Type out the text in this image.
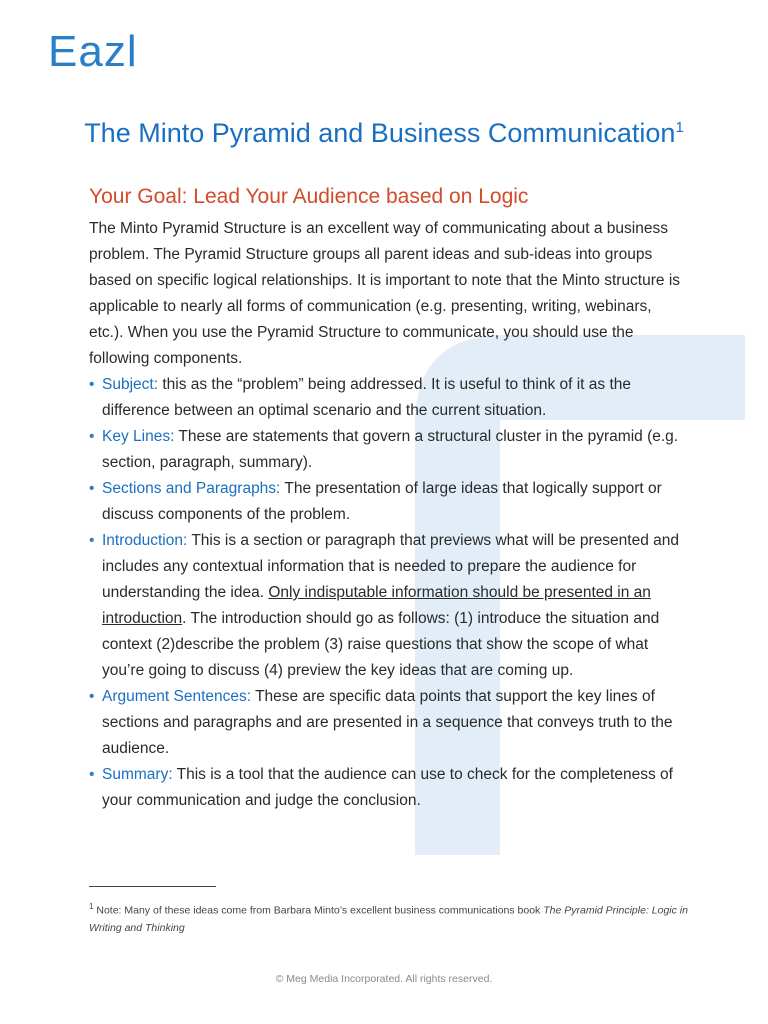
Eazl
The Minto Pyramid and Business Communication$^1$
Your Goal: Lead Your Audience based on Logic

The Minto Pyramid Structure is an excellent way of communicating about a business problem. The Pyramid Structure groups all parent ideas and sub-ideas into groups based on specific logical relationships. It is important to note that the Minto structure is applicable to nearly all forms of communication (e.g. presenting, writing, webinars, etc.). When you use the Pyramid Structure to communicate, you should use the following components.

• Subject: this as the “problem” being addressed. It is useful to think of it as the difference between an optimal scenario and the current situation.
• Key Lines: These are statements that govern a structural cluster in the pyramid (e.g. section, paragraph, summary).
• Sections and Paragraphs: The presentation of large ideas that logically support or discuss components of the problem.
• Introduction: This is a section or paragraph that previews what will be presented and includes any contextual information that is needed to prepare the audience for understanding the idea. Only indisputable information should be presented in an introduction. The introduction should go as follows: (1) introduce the situation and context (2)describe the problem (3) raise questions that show the scope of what you’re going to discuss (4) preview the key ideas that are coming up.
• Argument Sentences: These are specific data points that support the key lines of sections and paragraphs and are presented in a sequence that conveys truth to the audience.
• Summary: This is a tool that the audience can use to check for the completeness of your communication and judge the conclusion.
$^1$ Note: Many of these ideas come from Barbara Minto’s excellent business communications book The Pyramid Principle: Logic in Writing and Thinking
© Meg Media Incorporated. All rights reserved.
